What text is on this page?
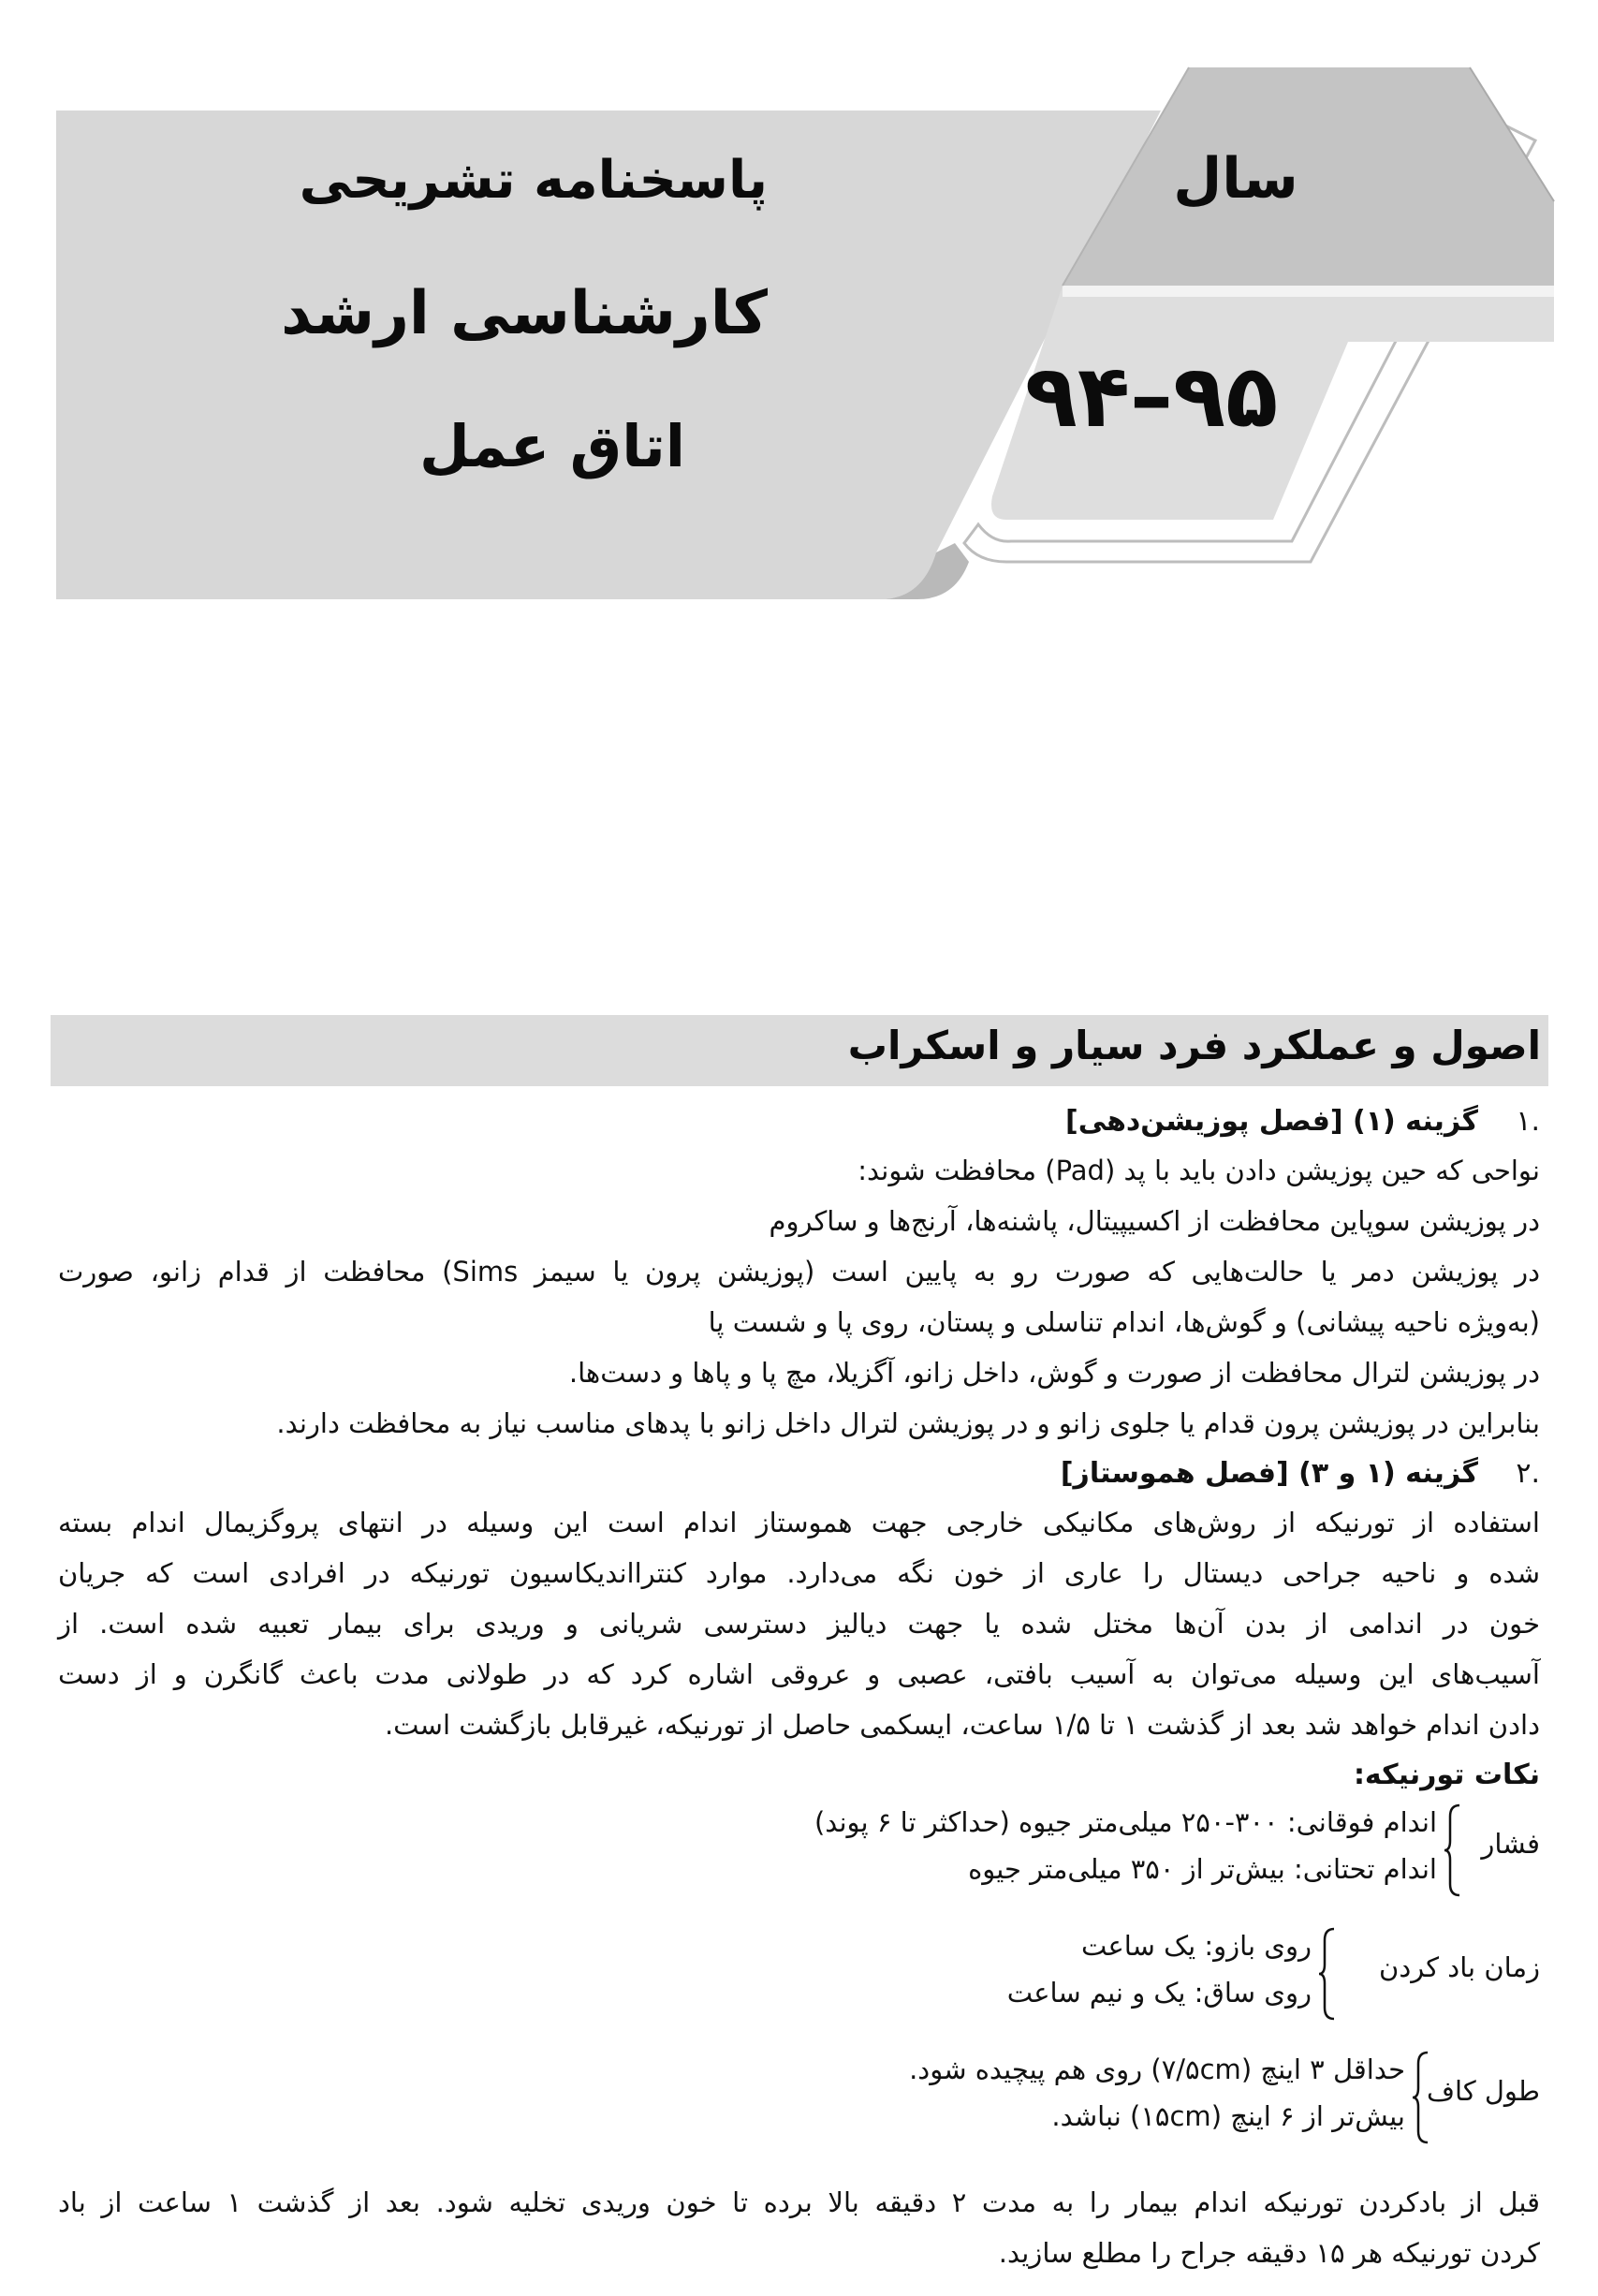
پاسخنامه تشریحی
کارشناسی ارشد
اتاق عمل
سال
۹۴–۹۵
اصول و عملکرد فرد سیار و اسکراب
.۱گزینه (۱) [فصل پوزیشن‌دهی]
نواحی که حین پوزیشن دادن باید با پد (Pad) محافظت شوند:
در پوزیشن سوپاین محافظت از اکسیپیتال، پاشنه‌ها، آرنج‌ها و ساکروم
در پوزیشن دمر یا حالت‌هایی که صورت رو به پایین است (پوزیشن پرون یا سیمز Sims) محافظت از قدام زانو، صورت
(به‌ویژه ناحیه پیشانی) و گوش‌ها، اندام تناسلی و پستان، روی پا و شست پا
در پوزیشن لترال محافظت از صورت و گوش، داخل زانو، آگزیلا، مچ پا و پاها و دست‌ها.
بنابراین در پوزیشن پرون قدام یا جلوی زانو و در پوزیشن لترال داخل زانو با پدهای مناسب نیاز به محافظت دارند.
.۲گزینه (۱ و ۳) [فصل هموستاز]
استفاده از تورنیکه از روش‌های مکانیکی خارجی جهت هموستاز اندام است این وسیله در انتهای پروگزیمال اندام بسته
شده و ناحیه جراحی دیستال را عاری از خون نگه می‌دارد. موارد کنترااندیکاسیون تورنیکه در افرادی است که جریان
خون در اندامی از بدن آن‌ها مختل شده یا جهت دیالیز دسترسی شریانی و وریدی برای بیمار تعبیه شده است. از
آسیب‌های این وسیله می‌توان به آسیب بافتی، عصبی و عروقی اشاره کرد که در طولانی مدت باعث گانگرن و از دست
دادن اندام خواهد شد بعد از گذشت ۱ تا ۱/۵ ساعت، ایسکمی حاصل از تورنیکه، غیرقابل بازگشت است.
نکات تورنیکه:
فشار
اندام فوقانی: ۳۰۰-۲۵۰ میلی‌متر جیوه (حداکثر تا ۶ پوند)
اندام تحتانی: بیش‌تر از ۳۵۰ میلی‌متر جیوه
زمان باد کردن
روی بازو: یک ساعت
روی ساق: یک و نیم ساعت
طول کاف
حداقل ۳ اینچ (۷/۵cm) روی هم پیچیده شود.
بیش‌تر از ۶ اینچ (۱۵cm) نباشد.
قبل از بادکردن تورنیکه اندام بیمار را به مدت ۲ دقیقه بالا برده تا خون وریدی تخلیه شود. بعد از گذشت ۱ ساعت از باد
کردن تورنیکه هر ۱۵ دقیقه جراح را مطلع سازید.
